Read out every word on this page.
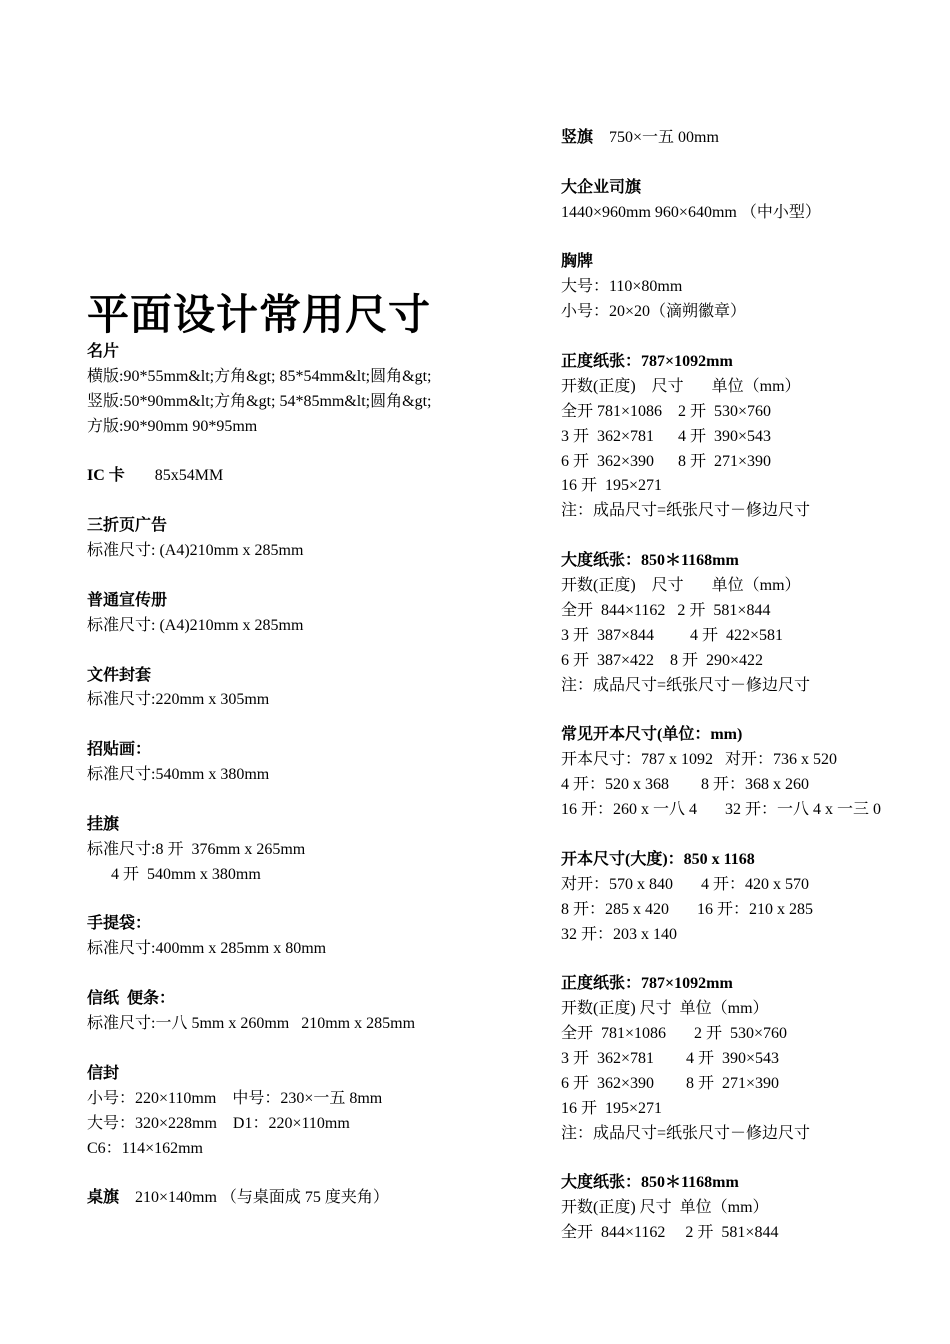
平面设计常用尺寸
名片
横版:90*55mm&lt;方角&gt; 85*54mm&lt;圆角&gt;
竖版:50*90mm&lt;方角&gt; 54*85mm&lt;圆角&gt;
方版:90*90mm 90*95mm
IC 卡 85x54MM
三折页广告
标准尺寸: (A4)210mm x 285mm
普通宣传册
标准尺寸: (A4)210mm x 285mm
文件封套
标准尺寸:220mm x 305mm
招贴画：
标准尺寸:540mm x 380mm
挂旗
标准尺寸:8 开  376mm x 265mm
4 开  540mm x 380mm
手提袋：
标准尺寸:400mm x 285mm x 80mm
信纸  便条：
标准尺寸:一八 5mm x 260mm   210mm x 285mm
信封
小号：220×110mm    中号：230×一五 8mm
大号：320×228mm    D1：220×110mm
C6：114×162mm
桌旗    210×140mm （与桌面成 75 度夹角）
竖旗    750×一五 00mm
大企业司旗
1440×960mm 960×640mm （中小型）
胸牌
大号：110×80mm
小号：20×20（滴朔徽章）
正度纸张：787×1092mm
开数(正度)    尺寸       单位（mm）
全开 781×1086    2 开  530×760
3 开  362×781      4 开  390×543
6 开  362×390      8 开  271×390
16 开  195×271
注：成品尺寸=纸张尺寸－修边尺寸
大度纸张：850＊1168mm
开数(正度)    尺寸       单位（mm）
全开  844×1162   2 开  581×844
3 开  387×844         4 开  422×581
6 开  387×422    8 开  290×422
注：成品尺寸=纸张尺寸－修边尺寸
常见开本尺寸(单位：mm)
开本尺寸：787 x 1092   对开：736 x 520
4 开：520 x 368        8 开：368 x 260
16 开：260 x 一八 4       32 开：一八 4 x 一三 0
开本尺寸(大度)：850 x 1168
对开：570 x 840       4 开：420 x 570
8 开：285 x 420       16 开：210 x 285
32 开：203 x 140
正度纸张：787×1092mm
开数(正度) 尺寸  单位（mm）
全开  781×1086       2 开  530×760
3 开  362×781        4 开  390×543
6 开  362×390        8 开  271×390
16 开  195×271
注：成品尺寸=纸张尺寸－修边尺寸
大度纸张：850＊1168mm
开数(正度) 尺寸  单位（mm）
全开  844×1162     2 开  581×844
